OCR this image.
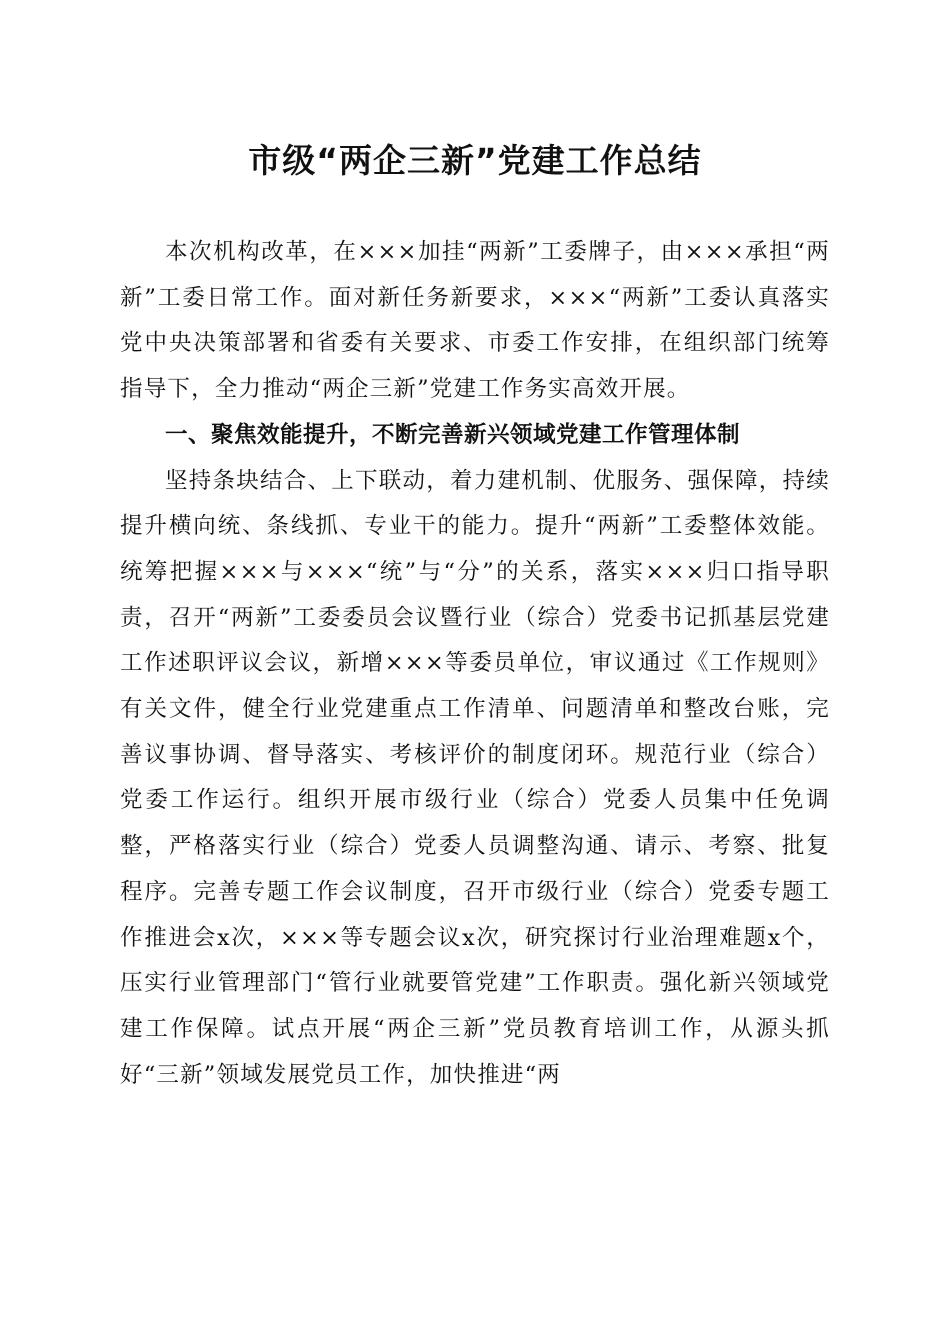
市级“两企三新”党建工作总结

本次机构改革，在×××加挂“两新”工委牌子，由×××承担“两新”工委日常工作。面对新任务新要求，×××“两新”工委认真落实党中央决策部署和省委有关要求、市委工作安排，在组织部门统筹指导下，全力推动“两企三新”党建工作务实高效开展。

一、聚焦效能提升，不断完善新兴领域党建工作管理体制

坚持条块结合、上下联动，着力建机制、优服务、强保障，持续提升横向统、条线抓、专业干的能力。提升“两新”工委整体效能。统筹把握×××与×××“统”与“分”的关系，落实×××归口指导职责，召开“两新”工委委员会议暨行业（综合）党委书记抓基层党建工作述职评议会议，新增×××等委员单位，审议通过《工作规则》有关文件，健全行业党建重点工作清单、问题清单和整改台账，完善议事协调、督导落实、考核评价的制度闭环。规范行业（综合）党委工作运行。组织开展市级行业（综合）党委人员集中任免调整，严格落实行业（综合）党委人员调整沟通、请示、考察、批复程序。完善专题工作会议制度，召开市级行业（综合）党委专题工作推进会x次，×××等专题会议x次，研究探讨行业治理难题x个，压实行业管理部门“管行业就要管党建”工作职责。强化新兴领域党建工作保障。试点开展“两企三新”党员教育培训工作，从源头抓好“三新”领域发展党员工作，加快推进“两
